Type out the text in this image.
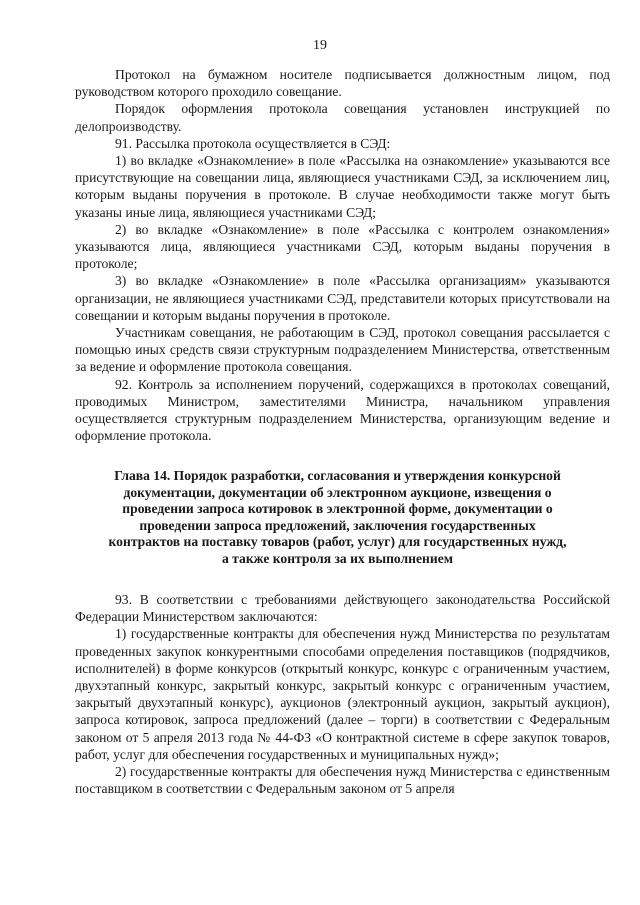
19

Протокол на бумажном носителе подписывается должностным лицом, под руководством которого проходило совещание.

Порядок оформления протокола совещания установлен инструкцией по делопроизводству.

91. Рассылка протокола осуществляется в СЭД:

1) во вкладке «Ознакомление» в поле «Рассылка на ознакомление» указываются все присутствующие на совещании лица, являющиеся участниками СЭД, за исключением лиц, которым выданы поручения в протоколе. В случае необходимости также могут быть указаны иные лица, являющиеся участниками СЭД;

2) во вкладке «Ознакомление» в поле «Рассылка с контролем ознакомления» указываются лица, являющиеся участниками СЭД, которым выданы поручения в протоколе;

3) во вкладке «Ознакомление» в поле «Рассылка организациям» указываются организации, не являющиеся участниками СЭД, представители которых присутствовали на совещании и которым выданы поручения в протоколе.

Участникам совещания, не работающим в СЭД, протокол совещания рассылается с помощью иных средств связи структурным подразделением Министерства, ответственным за ведение и оформление протокола совещания.

92. Контроль за исполнением поручений, содержащихся в протоколах совещаний, проводимых Министром, заместителями Министра, начальником управления осуществляется структурным подразделением Министерства, организующим ведение и оформление протокола.

Глава 14. Порядок разработки, согласования и утверждения конкурсной документации, документации об электронном аукционе, извещения о проведении запроса котировок в электронной форме, документации о проведении запроса предложений, заключения государственных контрактов на поставку товаров (работ, услуг) для государственных нужд, а также контроля за их выполнением

93. В соответствии с требованиями действующего законодательства Российской Федерации Министерством заключаются:

1) государственные контракты для обеспечения нужд Министерства по результатам проведенных закупок конкурентными способами определения поставщиков (подрядчиков, исполнителей) в форме конкурсов (открытый конкурс, конкурс с ограниченным участием, двухэтапный конкурс, закрытый конкурс, закрытый конкурс с ограниченным участием, закрытый двухэтапный конкурс), аукционов (электронный аукцион, закрытый аукцион), запроса котировок, запроса предложений (далее – торги) в соответствии с Федеральным законом от 5 апреля 2013 года № 44-ФЗ «О контрактной системе в сфере закупок товаров, работ, услуг для обеспечения государственных и муниципальных нужд»;

2) государственные контракты для обеспечения нужд Министерства с единственным поставщиком в соответствии с Федеральным законом от 5 апреля
